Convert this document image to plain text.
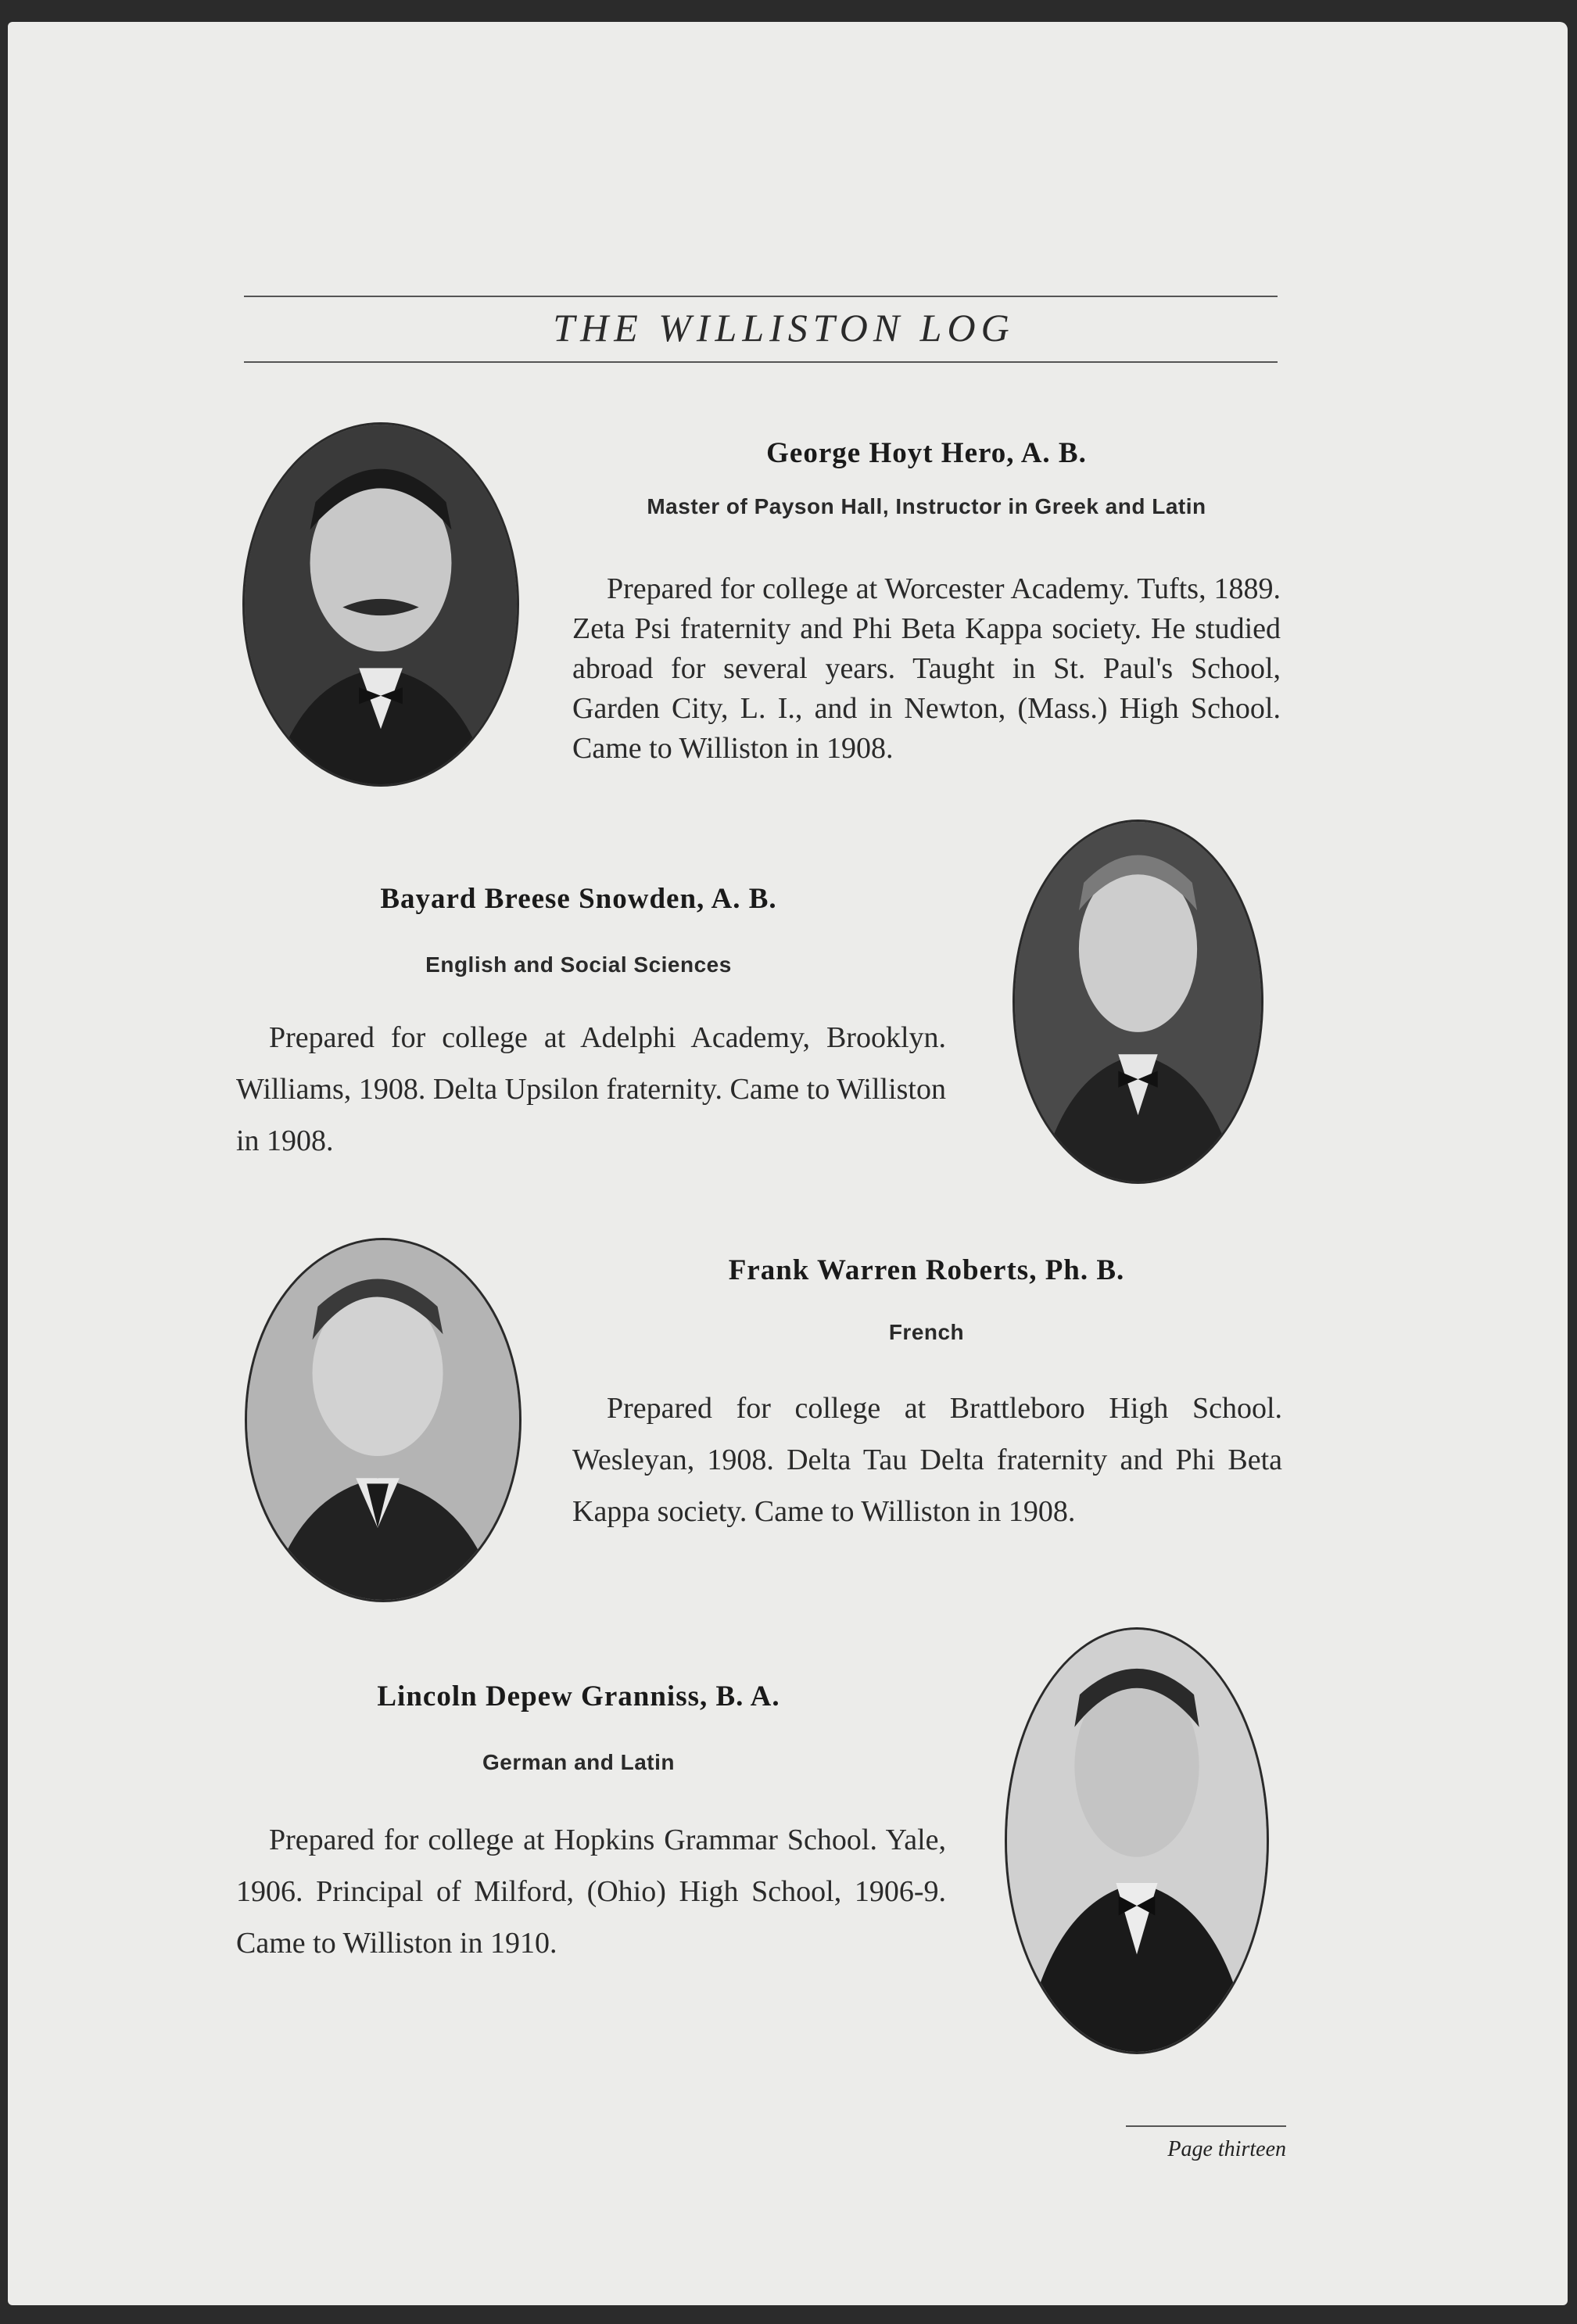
THE WILLISTON LOG
George Hoyt Hero, A. B.
Master of Payson Hall, Instructor in Greek and Latin
Prepared for college at Worcester Academy. Tufts, 1889. Zeta Psi fraternity and Phi Beta Kappa society. He studied abroad for several years. Taught in St. Paul's School, Garden City, L. I., and in Newton, (Mass.) High School. Came to Williston in 1908.
Bayard Breese Snowden, A. B.
English and Social Sciences
Prepared for college at Adelphi Academy, Brooklyn. Williams, 1908. Delta Upsilon fraternity. Came to Williston in 1908.
Frank Warren Roberts, Ph. B.
French
Prepared for college at Brattleboro High School. Wesleyan, 1908. Delta Tau Delta fraternity and Phi Beta Kappa society. Came to Williston in 1908.
Lincoln Depew Granniss, B. A.
German and Latin
Prepared for college at Hopkins Grammar School. Yale, 1906. Principal of Milford, (Ohio) High School, 1906-9. Came to Williston in 1910.
Page thirteen
